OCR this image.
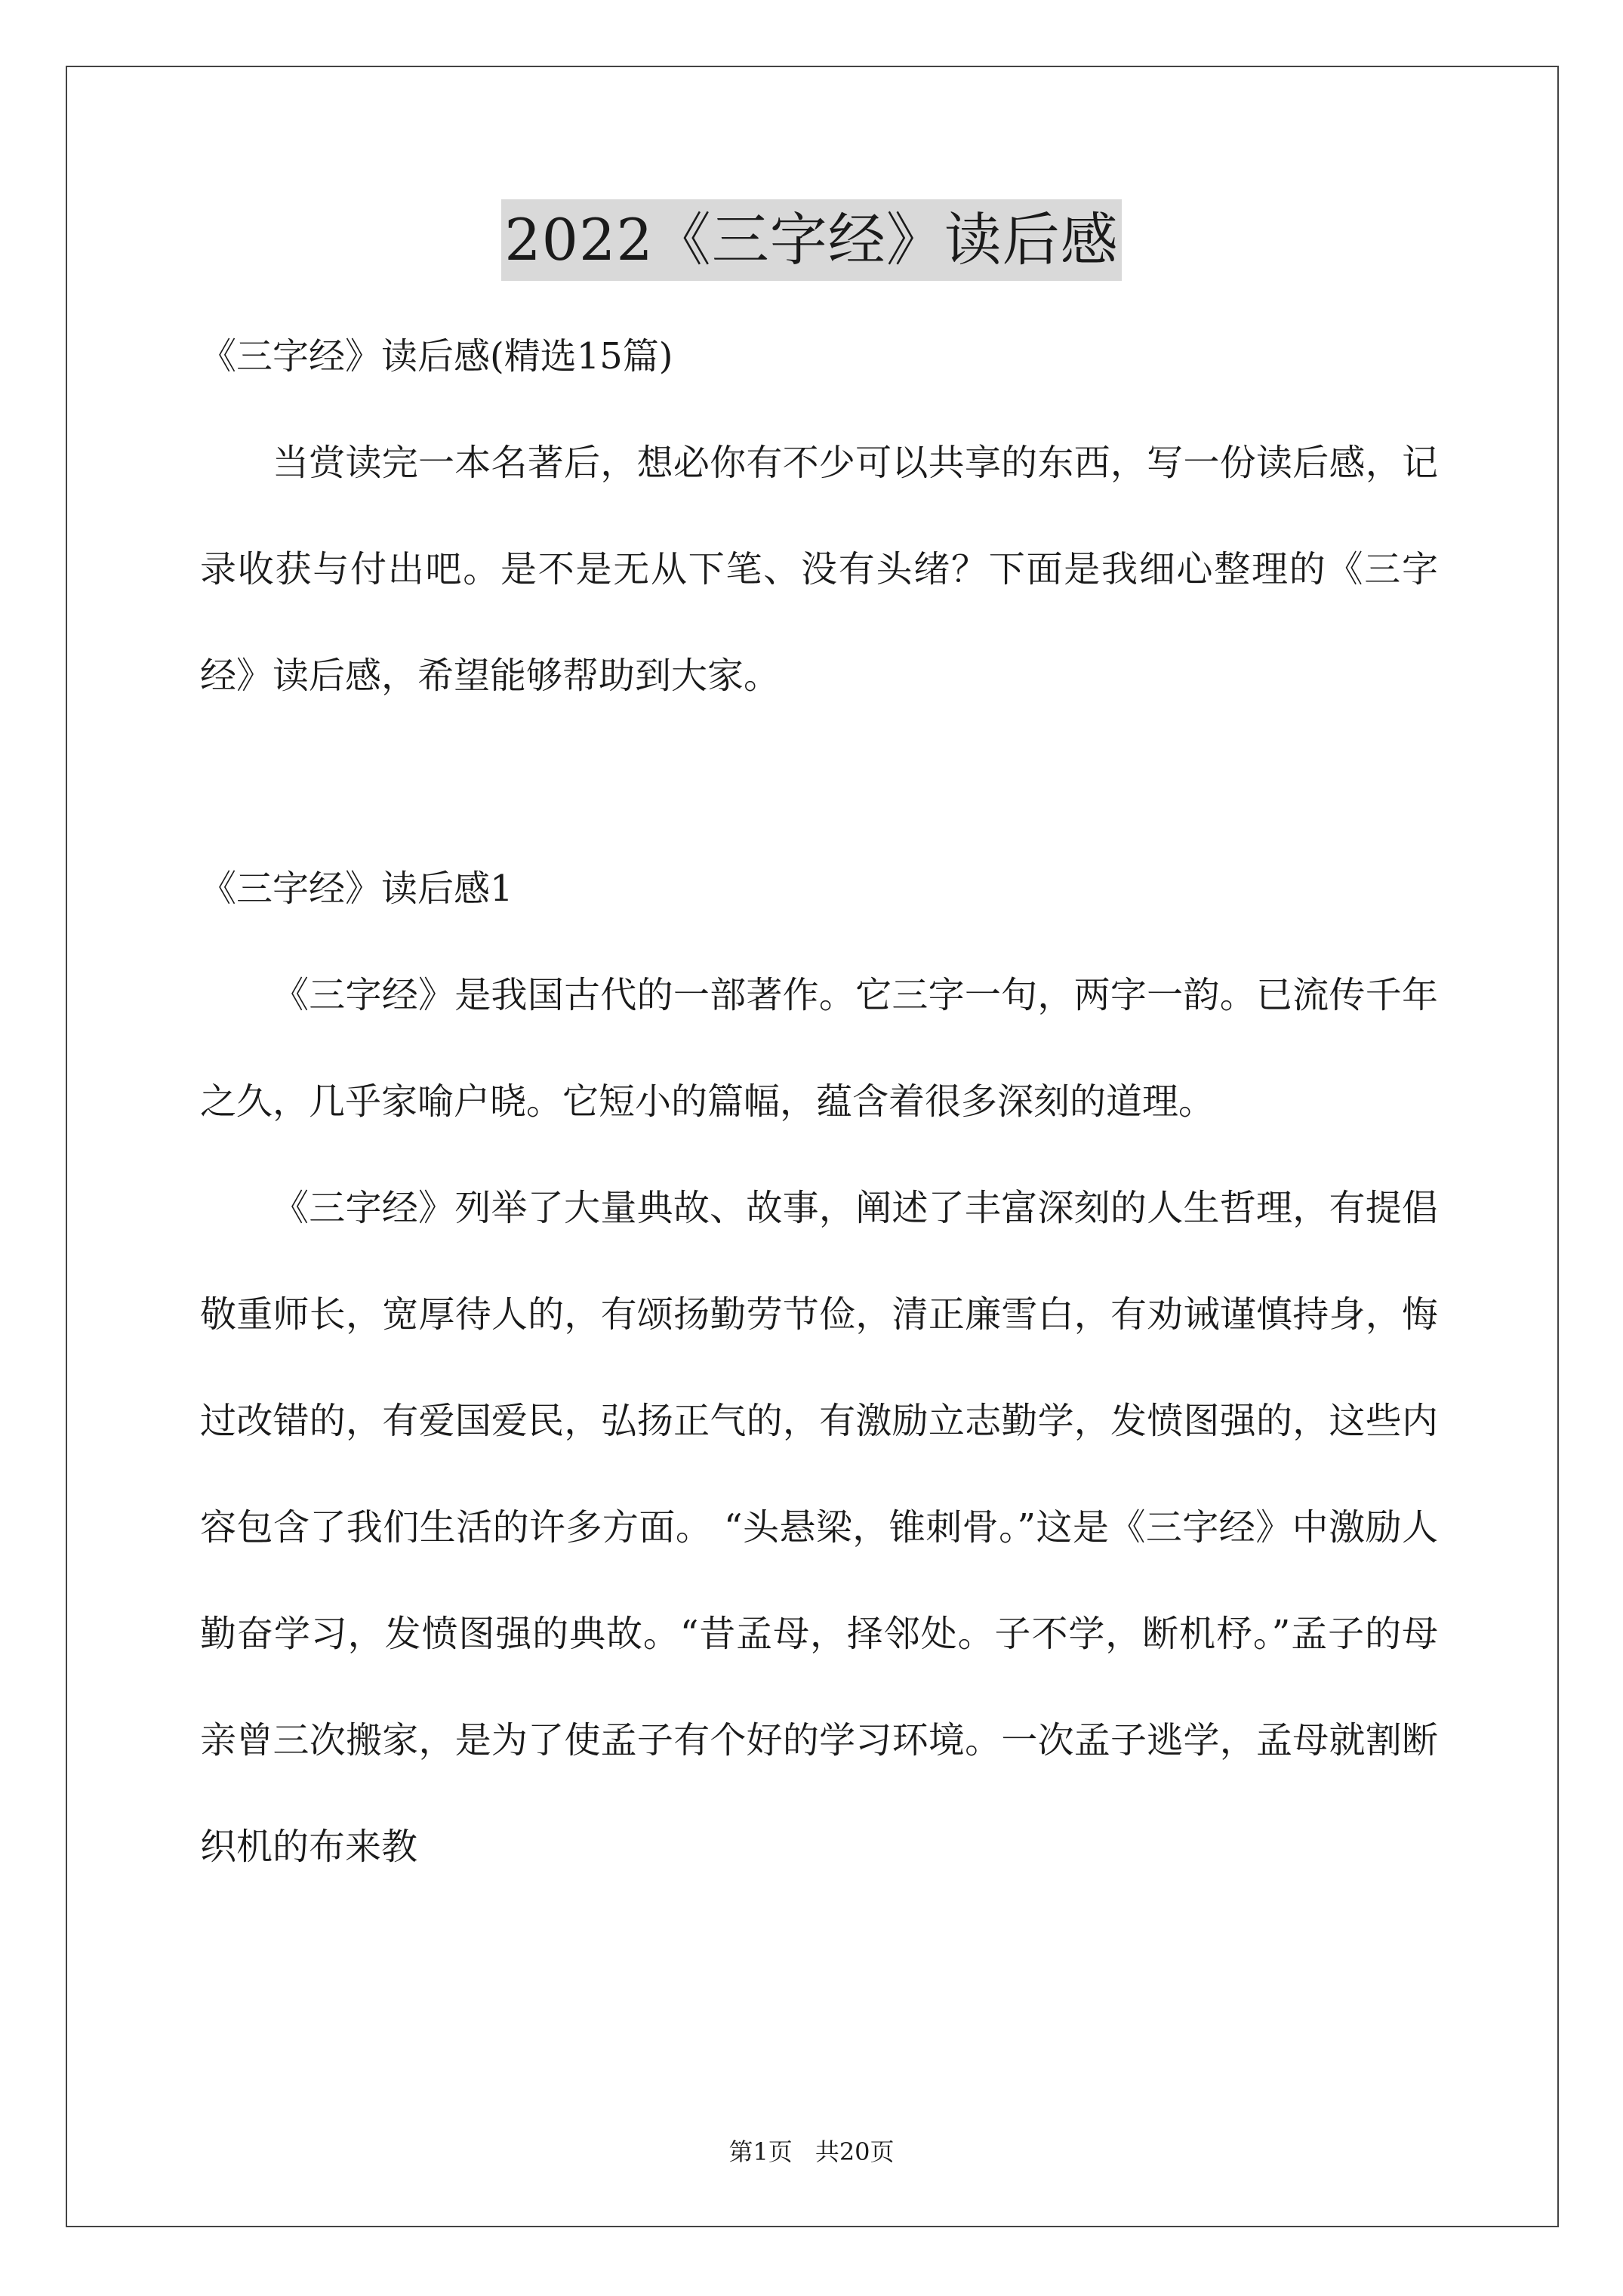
2022《三字经》读后感

《三字经》读后感(精选15篇)

当赏读完一本名著后，想必你有不少可以共享的东西，写一份读后感，记录收获与付出吧。是不是无从下笔、没有头绪？下面是我细心整理的《三字经》读后感，希望能够帮助到大家。

《三字经》读后感1

《三字经》是我国古代的一部著作。它三字一句，两字一韵。已流传千年之久，几乎家喻户晓。它短小的篇幅，蕴含着很多深刻的道理。

《三字经》列举了大量典故、故事，阐述了丰富深刻的人生哲理，有提倡敬重师长，宽厚待人的，有颂扬勤劳节俭，清正廉雪白，有劝诫谨慎持身，悔过改错的，有爱国爱民，弘扬正气的，有激励立志勤学，发愤图强的，这些内容包含了我们生活的许多方面。 “头悬梁，锥刺骨。”这是《三字经》中激励人勤奋学习，发愤图强的典故。“昔孟母，择邻处。子不学，断机杼。”孟子的母亲曾三次搬家，是为了使孟子有个好的学习环境。一次孟子逃学，孟母就割断织机的布来教

第1页 共20页
